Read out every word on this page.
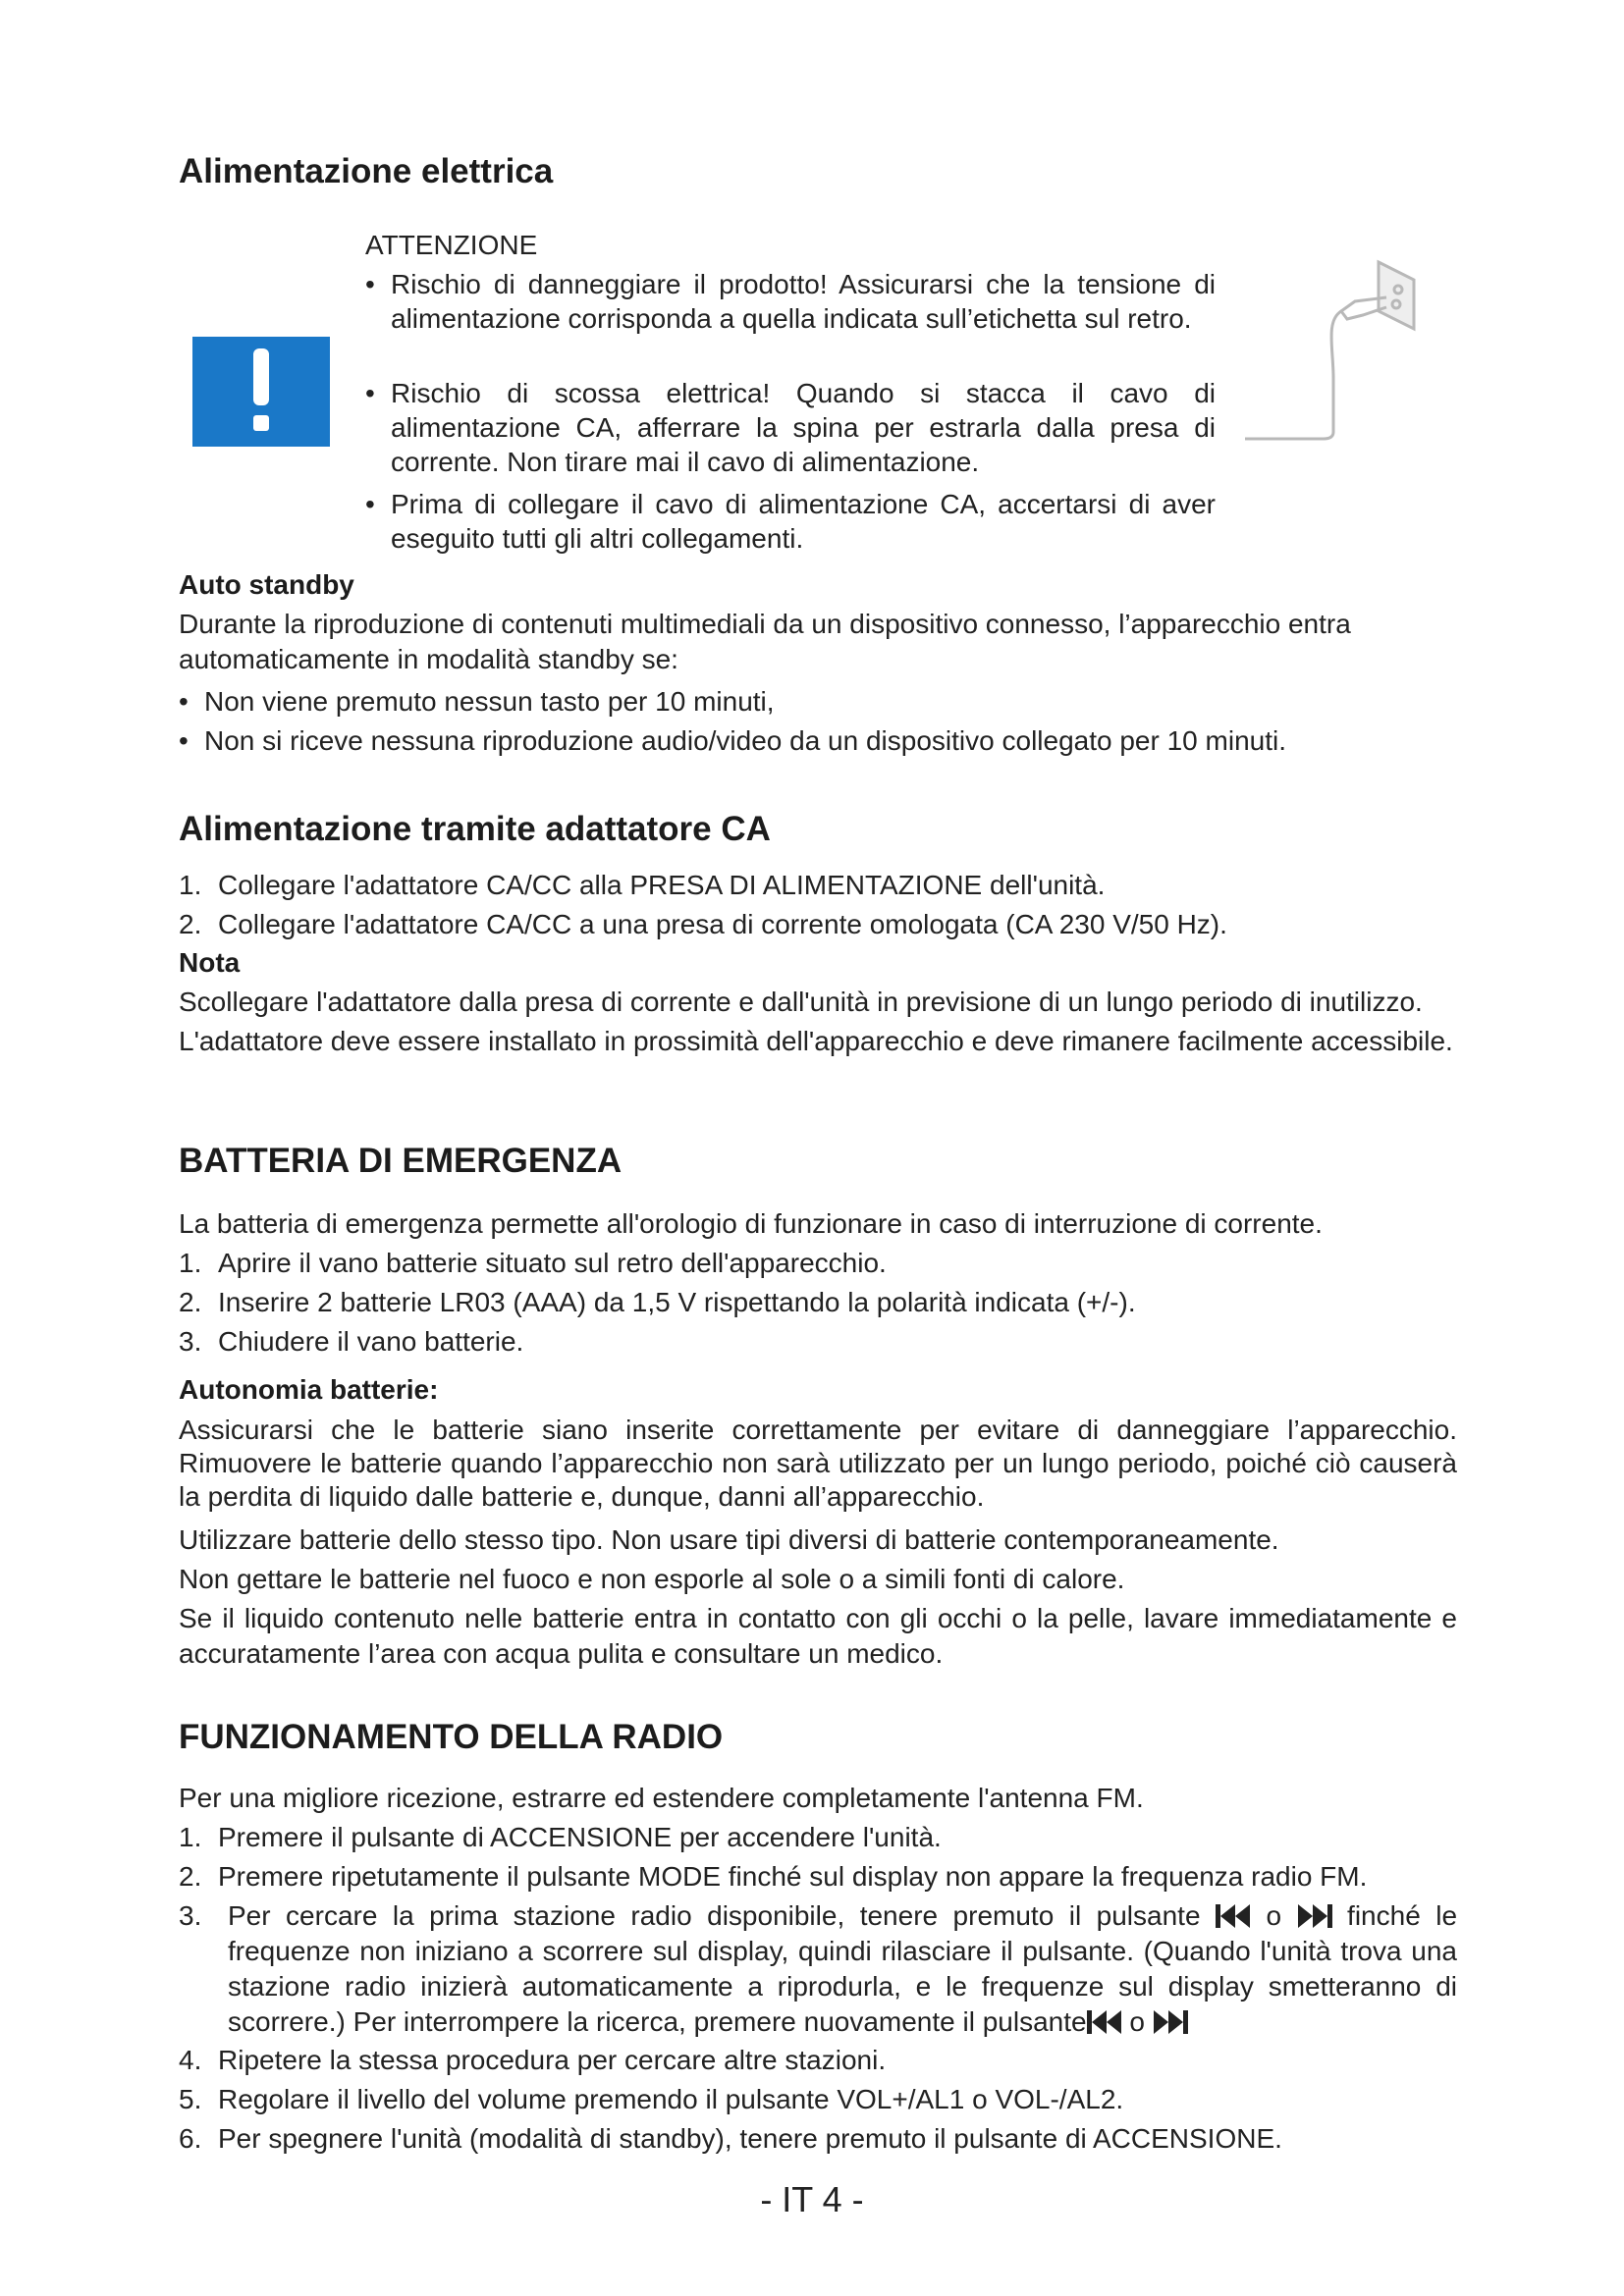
Alimentazione elettrica

ATTENZIONE

• Rischio di danneggiare il prodotto! Assicurarsi che la tensione di alimentazione corrisponda a quella indicata sull’etichetta sul retro.
• Rischio di scossa elettrica! Quando si stacca il cavo di alimentazione CA, afferrare la spina per estrarla dalla presa di corrente. Non tirare mai il cavo di alimentazione.
• Prima di collegare il cavo di alimentazione CA, accertarsi di aver eseguito tutti gli altri collegamenti.
Auto standby

Durante la riproduzione di contenuti multimediali da un dispositivo connesso, l’apparecchio entra automaticamente in modalità standby se:

• Non viene premuto nessun tasto per 10 minuti,
• Non si riceve nessuna riproduzione audio/video da un dispositivo collegato per 10 minuti.
Alimentazione tramite adattatore CA
1. Collegare l'adattatore CA/CC alla PRESA DI ALIMENTAZIONE dell'unità.
2. Collegare l'adattatore CA/CC a una presa di corrente omologata (CA 230 V/50 Hz).
Nota

Scollegare l'adattatore dalla presa di corrente e dall'unità in previsione di un lungo periodo di inutilizzo.

L'adattatore deve essere installato in prossimità dell'apparecchio e deve rimanere facilmente accessibile.

BATTERIA DI EMERGENZA

La batteria di emergenza permette all'orologio di funzionare in caso di interruzione di corrente.

1. Aprire il vano batterie situato sul retro dell'apparecchio.
2. Inserire 2 batterie LR03 (AAA) da 1,5 V rispettando la polarità indicata (+/-).
3. Chiudere il vano batterie.
Autonomia batterie:

Assicurarsi che le batterie siano inserite correttamente per evitare di danneggiare l’apparecchio. Rimuovere le batterie quando l’apparecchio non sarà utilizzato per un lungo periodo, poiché ciò causerà la perdita di liquido dalle batterie e, dunque, danni all’apparecchio.

Utilizzare batterie dello stesso tipo. Non usare tipi diversi di batterie contemporaneamente.

Non gettare le batterie nel fuoco e non esporle al sole o a simili fonti di calore.

Se il liquido contenuto nelle batterie entra in contatto con gli occhi o la pelle, lavare immediatamente e accuratamente l’area con acqua pulita e consultare un medico.

FUNZIONAMENTO DELLA RADIO

Per una migliore ricezione, estrarre ed estendere completamente l'antenna FM.

1. Premere il pulsante di ACCENSIONE per accendere l'unità.
2. Premere ripetutamente il pulsante MODE finché sul display non appare la frequenza radio FM.
3. Per cercare la prima stazione radio disponibile, tenere premuto il pulsante o finché le frequenze non iniziano a scorrere sul display, quindi rilasciare il pulsante. (Quando l'unità trova una stazione radio inizierà automaticamente a riprodurla, e le frequenze sul display smetteranno di scorrere.) Per interrompere la ricerca, premere nuovamente il pulsante o
4. Ripetere la stessa procedura per cercare altre stazioni.
5. Regolare il livello del volume premendo il pulsante VOL+/AL1 o VOL-/AL2.
6. Per spegnere l'unità (modalità di standby), tenere premuto il pulsante di ACCENSIONE.

- IT 4 -
